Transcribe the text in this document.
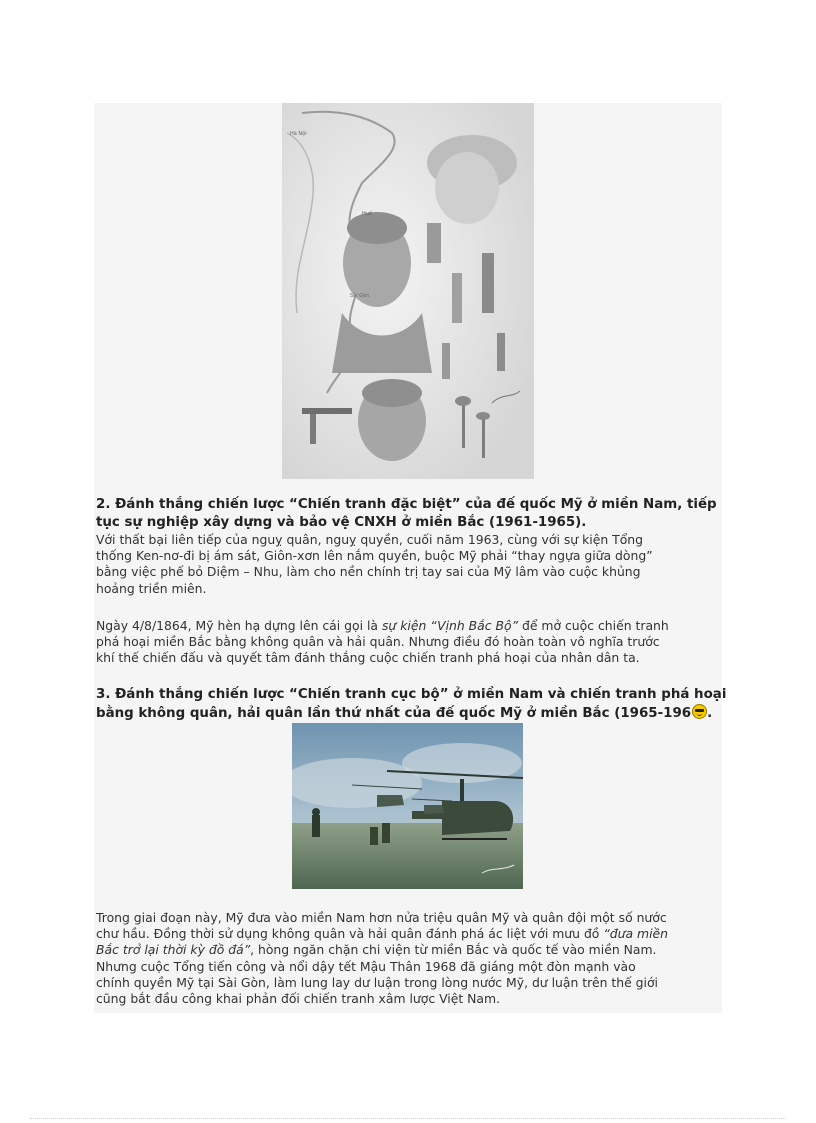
Hà Nội
Huế
Sài Gòn
2. Đánh thắng chiến lược “Chiến tranh đặc biệt” của đế quốc Mỹ ở miền Nam, tiếp
tục sự nghiệp xây dựng và bảo vệ CNXH ở miền Bắc (1961-1965).
Với thất bại liên tiếp của nguỵ quân, nguỵ quyền, cuối năm 1963, cùng với sự kiện Tổng
thống Ken-nơ-đi bị ám sát, Giôn-xơn lên nắm quyền, buộc Mỹ phải “thay ngựa giữa dòng”
bằng việc phế bỏ Diệm – Nhu, làm cho nền chính trị tay sai của Mỹ lâm vào cuộc khủng
hoảng triền miên.
Ngày 4/8/1864, Mỹ hèn hạ dựng lên cái gọi là sự kiện “Vịnh Bắc Bộ” để mở cuộc chiến tranh
phá hoại miền Bắc bằng không quân và hải quân. Nhưng điều đó hoàn toàn vô nghĩa trước
khí thế chiến đấu và quyết tâm đánh thắng cuộc chiến tranh phá hoại của nhân dân ta.
3. Đánh thắng chiến lược “Chiến tranh cục bộ” ở miền Nam và chiến tranh phá hoại
bằng không quân, hải quân lần thứ nhất của đế quốc Mỹ ở miền Bắc (1965-196 .
Trong giai đoạn này, Mỹ đưa vào miền Nam hơn nửa triệu quân Mỹ và quân đội một số nước
chư hầu. Đồng thời sử dụng không quân và hải quân đánh phá ác liệt với mưu đồ “đưa miền
Bắc trở lại thời kỳ đồ đá”, hòng ngăn chặn chi viện từ miền Bắc và quốc tế vào miền Nam.
Nhưng cuộc Tổng tiến công và nổi dậy tết Mậu Thân 1968 đã giáng một đòn mạnh vào
chính quyền Mỹ tại Sài Gòn, làm lung lay dư luận trong lòng nước Mỹ, dư luận trên thế giới
cũng bắt đầu công khai phản đối chiến tranh xâm lược Việt Nam.
